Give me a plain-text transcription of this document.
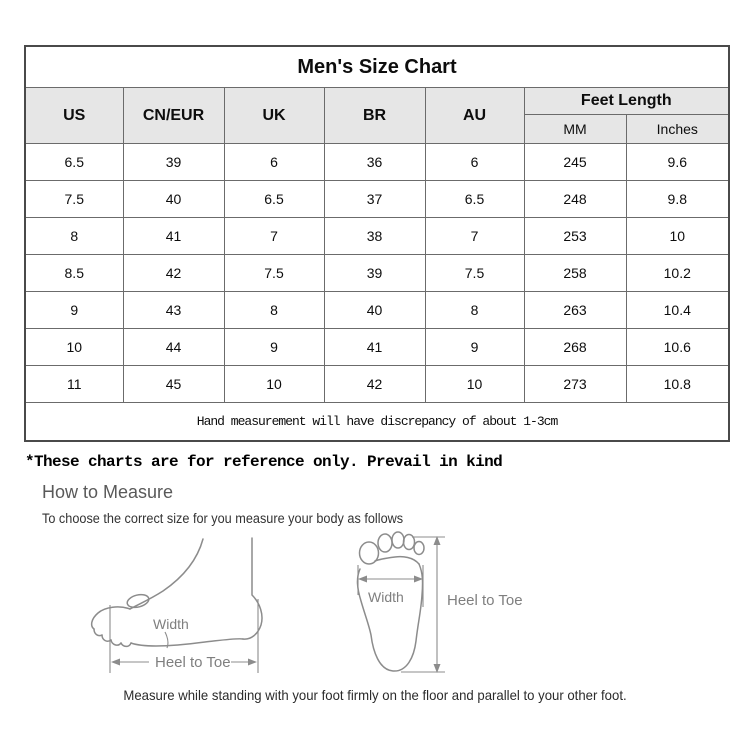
Men's Size Chart						
US	CN/EUR	UK	BR	AU	Feet Length	
					MM	Inches
6.5	39	6	36	6	245	9.6
7.5	40	6.5	37	6.5	248	9.8
8	41	7	38	7	253	10
8.5	42	7.5	39	7.5	258	10.2
9	43	8	40	8	263	10.4
10	44	9	41	9	268	10.6
11	45	10	42	10	273	10.8
Hand measurement will have discrepancy of about 1-3cm						
*These charts are for reference only. Prevail in kind
How to Measure
To choose the correct size for you measure your body as follows
Width
Heel to Toe
Width	Heel to Toe
Measure while standing with your foot firmly on the floor and parallel to your other foot.
